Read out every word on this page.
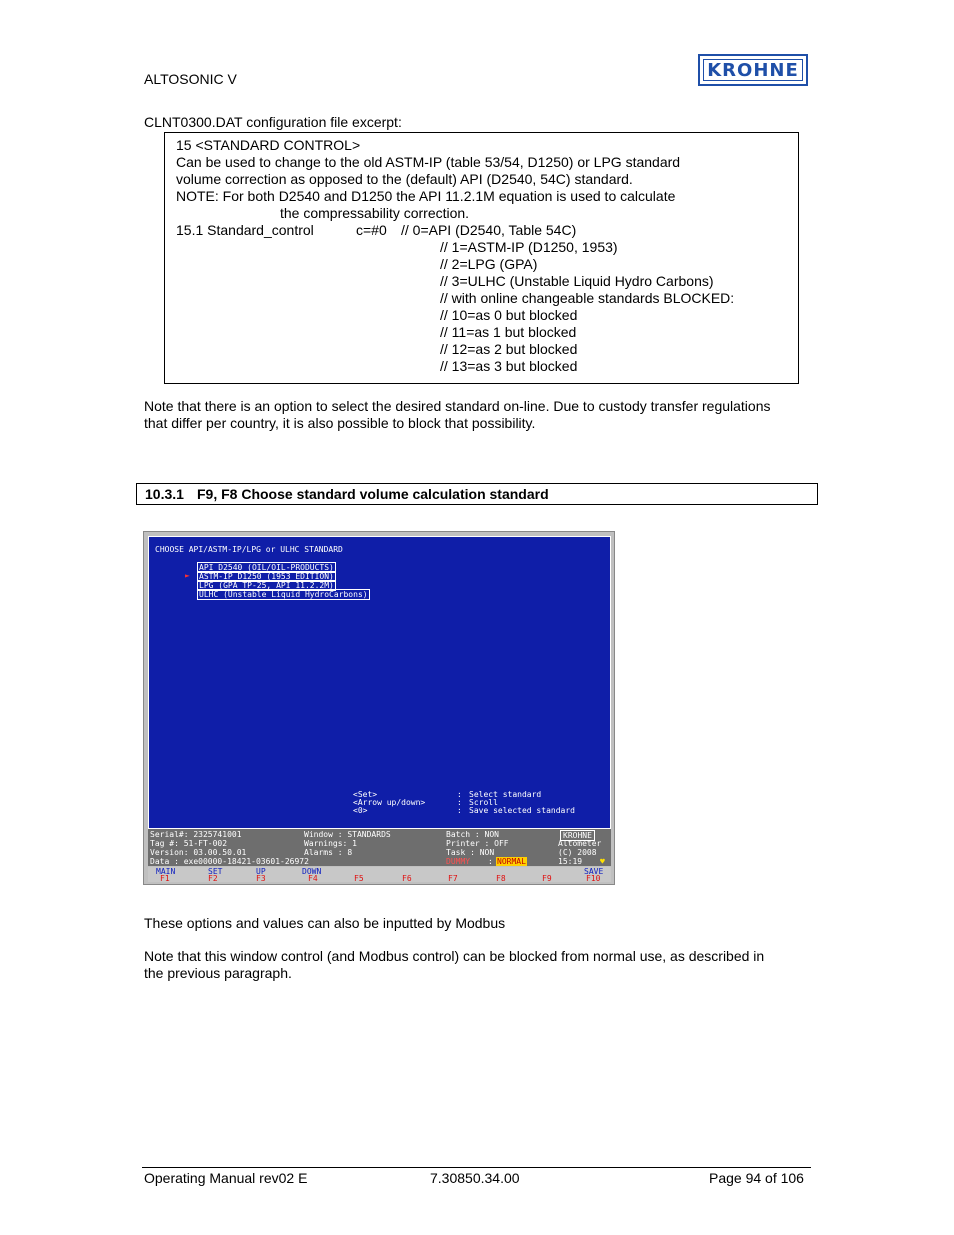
ALTOSONIC V	KROHNE
CLNT0300.DAT configuration file excerpt:
15 <STANDARD CONTROL>
Can be used to change to the old ASTM-IP (table 53/54, D1250) or LPG standard
volume correction as opposed to the (default) API (D2540, 54C) standard.
NOTE: For both D2540 and D1250 the API 11.2.1M equation is used to calculate
the compressability correction.
15.1 Standard_control	c=#0 // 0=API (D2540, Table 54C)
// 1=ASTM-IP (D1250, 1953)
// 2=LPG (GPA)
// 3=ULHC (Unstable Liquid Hydro Carbons)
// with online changeable standards BLOCKED:
// 10=as 0 but blocked
// 11=as 1 but blocked
// 12=as 2 but blocked
// 13=as 3 but blocked
Note that there is an option to select the desired standard on-line. Due to custody transfer regulations
that differ per country, it is also possible to block that possibility.
10.3.1 F9, F8 Choose standard volume calculation standard
CHOOSE API/ASTM-IP/LPG or ULHC STANDARD
API D2540 (OIL/OIL-PRODUCTS)
► ASTM-IP D1250 (1953 EDITION)
LPG (GPA TP-25, API 11.2.2M)
ULHC (Unstable Liquid HydroCarbons)
<Set>	: Select standard
<Arrow up/down>	: Scroll
<0>	: Save selected standard
Serial#: 2325741001
Tag #: 51-FT-002
Version: 03.00.50.01
Data : exe00000-18421-03601-26972
Window : STANDARDS
Warnings: 1
Alarms : 8
Batch : NON
Printer : OFF
Task : NON
DUMMY : NORMAL
KROHNE
Altometer
(C) 2008
15:19 ♥
MAIN
F1
SET
F2
UP
F3
DOWN
F4	F5	F6	F7	F8	F9
SAVE
F10
These options and values can also be inputted by Modbus
Note that this window control (and Modbus control) can be blocked from normal use, as described in
the previous paragraph.
Operating Manual rev02 E	7.30850.34.00	Page 94 of 106
